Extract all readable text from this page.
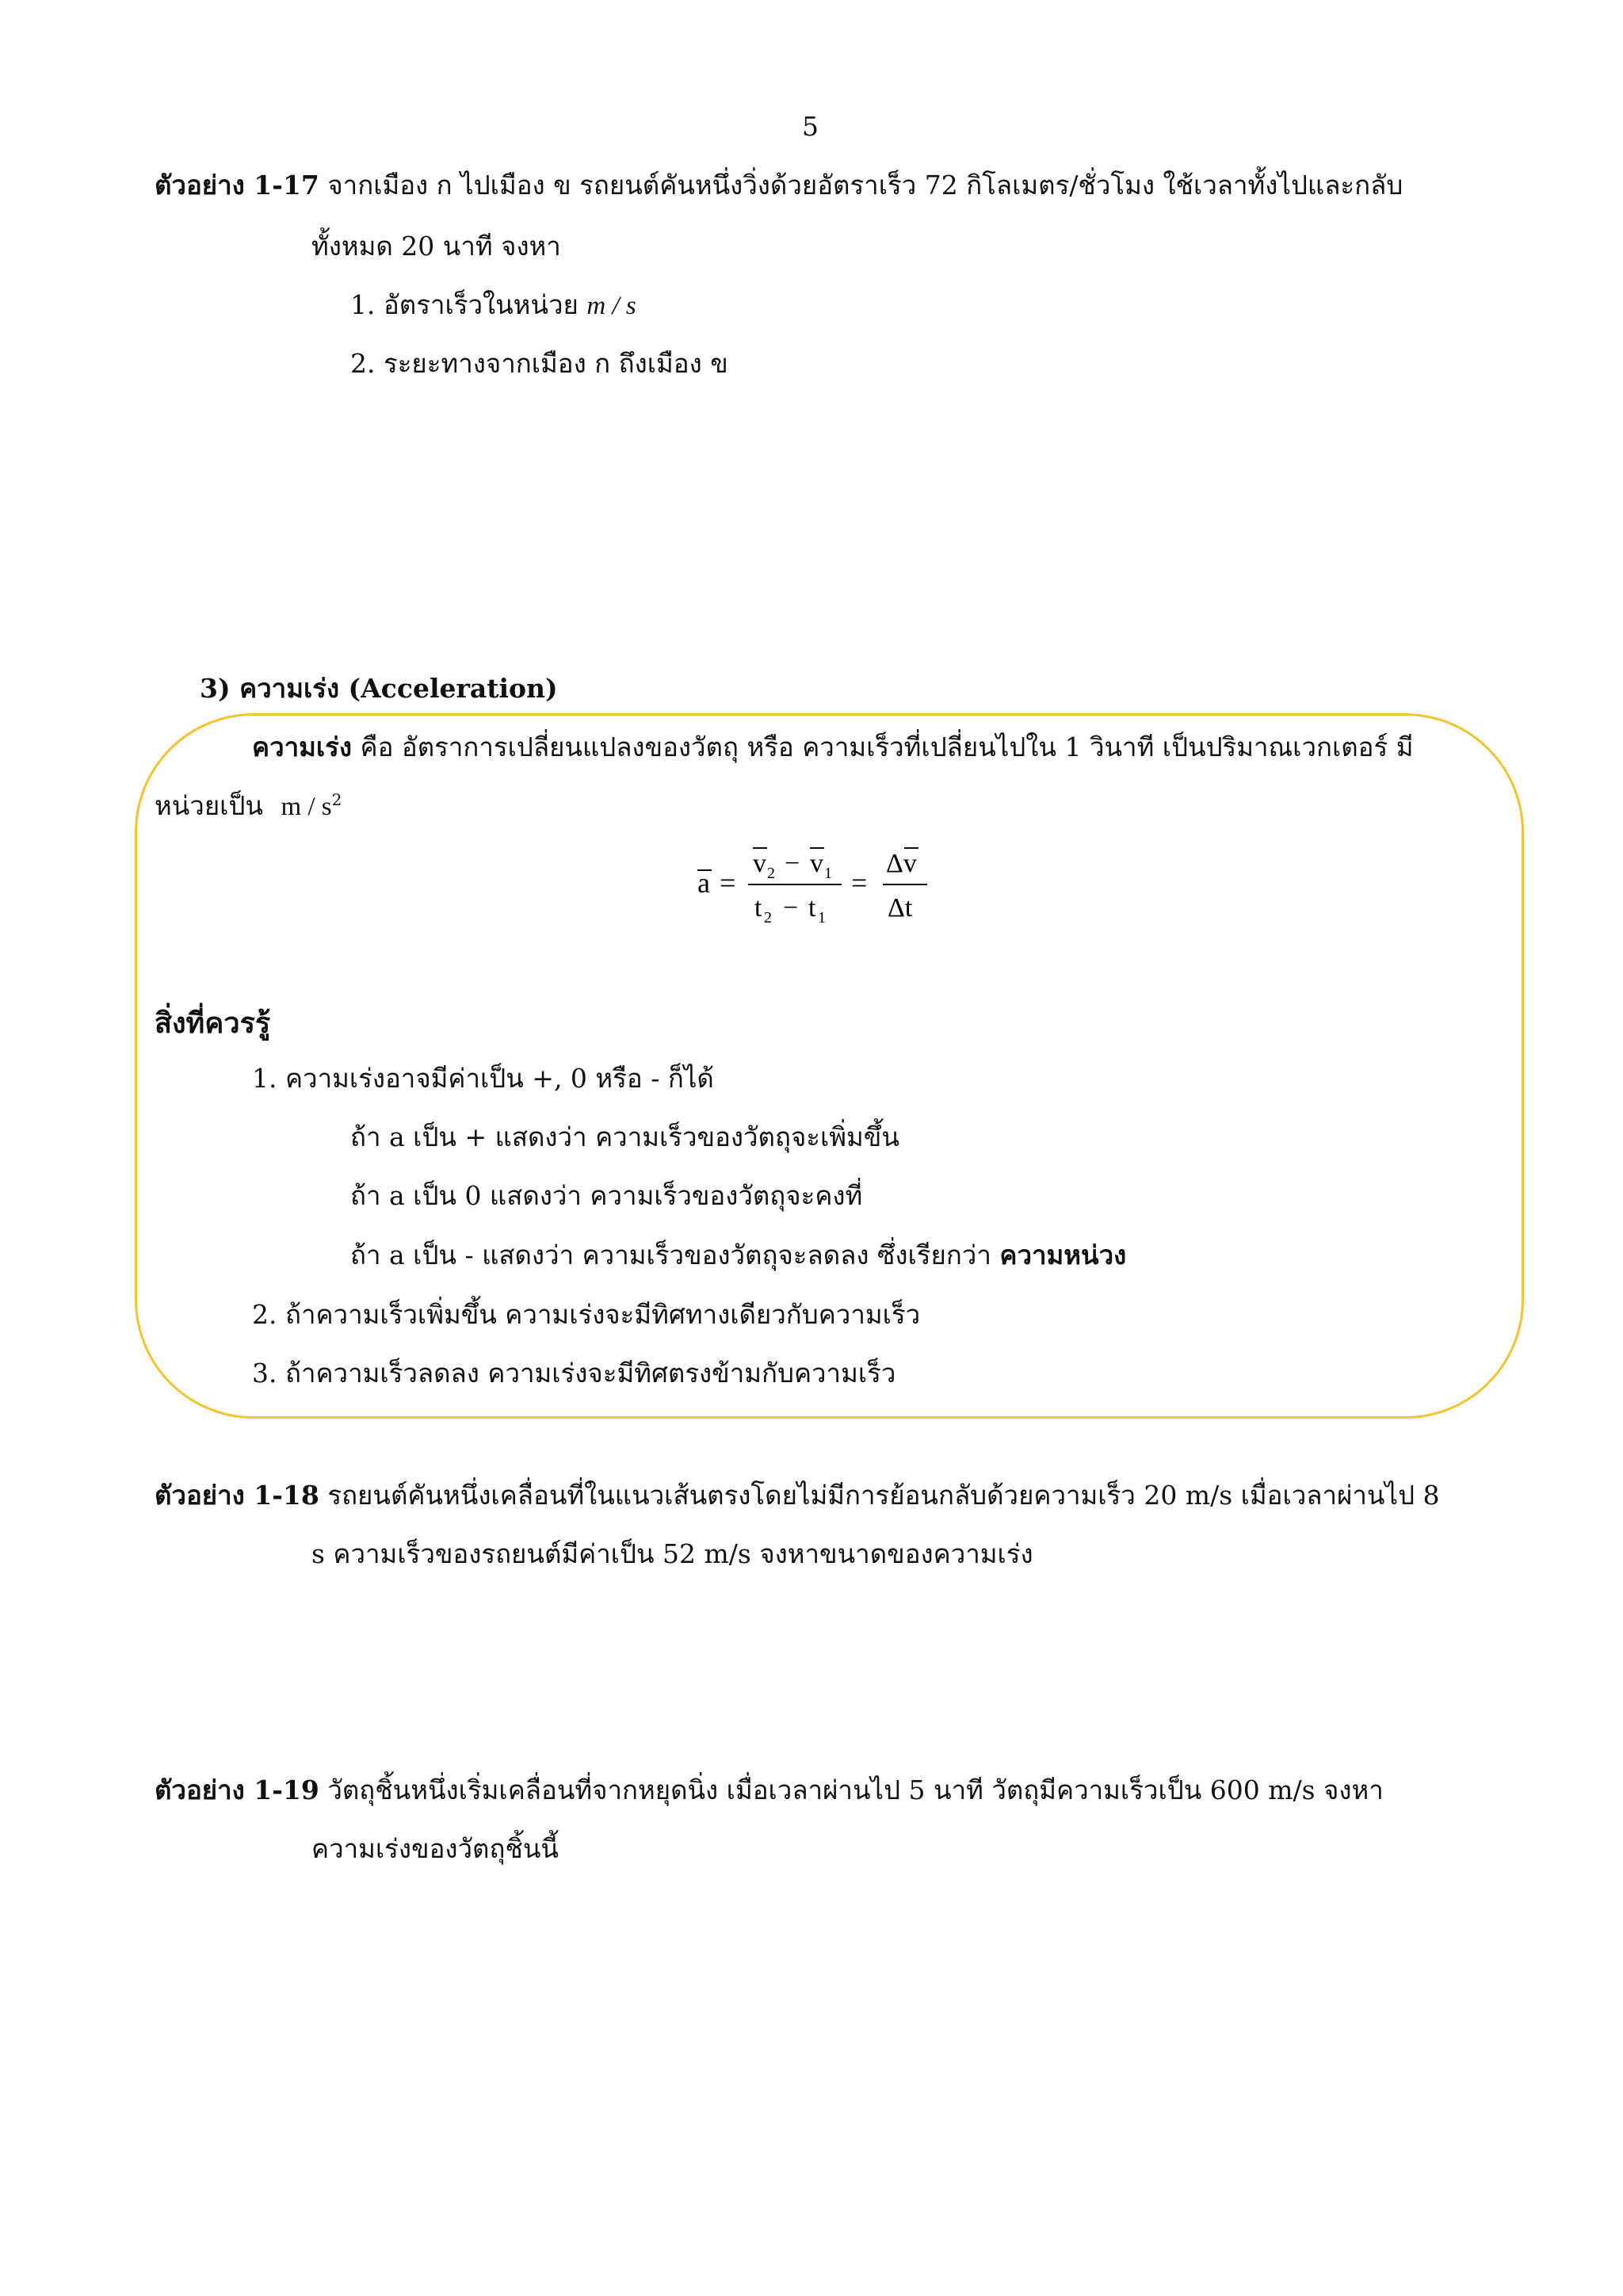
5
ตัวอย่าง 1-17 จากเมือง ก ไปเมือง ข รถยนต์คันหนึ่งวิ่งด้วยอัตราเร็ว 72 กิโลเมตร/ชั่วโมง ใช้เวลาทั้งไปและกลับ
ทั้งหมด 20 นาที จงหา
1. อัตราเร็วในหน่วย m / s
2. ระยะทางจากเมือง ก ถึงเมือง ข
3) ความเร่ง (Acceleration)
ความเร่ง คือ อัตราการเปลี่ยนแปลงของวัตถุ หรือ ความเร็วที่เปลี่ยนไปใน 1 วินาที เป็นปริมาณเวกเตอร์ มี
หน่วยเป็น m / $s^2$
a =
v 2 − v 1
t 2 − t 1
=
Δv
Δt
สิ่งที่ควรรู้
1. ความเร่งอาจมีค่าเป็น +, 0 หรือ - ก็ได้
ถ้า a เป็น + แสดงว่า ความเร็วของวัตถุจะเพิ่มขึ้น
ถ้า a เป็น 0 แสดงว่า ความเร็วของวัตถุจะคงที่
ถ้า a เป็น - แสดงว่า ความเร็วของวัตถุจะลดลง ซึ่งเรียกว่า ความหน่วง
2. ถ้าความเร็วเพิ่มขึ้น ความเร่งจะมีทิศทางเดียวกับความเร็ว
3. ถ้าความเร็วลดลง ความเร่งจะมีทิศตรงข้ามกับความเร็ว
ตัวอย่าง 1-18 รถยนต์คันหนึ่งเคลื่อนที่ในแนวเส้นตรงโดยไม่มีการย้อนกลับด้วยความเร็ว 20 m/s เมื่อเวลาผ่านไป 8
s ความเร็วของรถยนต์มีค่าเป็น 52 m/s จงหาขนาดของความเร่ง
ตัวอย่าง 1-19 วัตถุชิ้นหนึ่งเริ่มเคลื่อนที่จากหยุดนิ่ง เมื่อเวลาผ่านไป 5 นาที วัตถุมีความเร็วเป็น 600 m/s จงหา
ความเร่งของวัตถุชิ้นนี้
